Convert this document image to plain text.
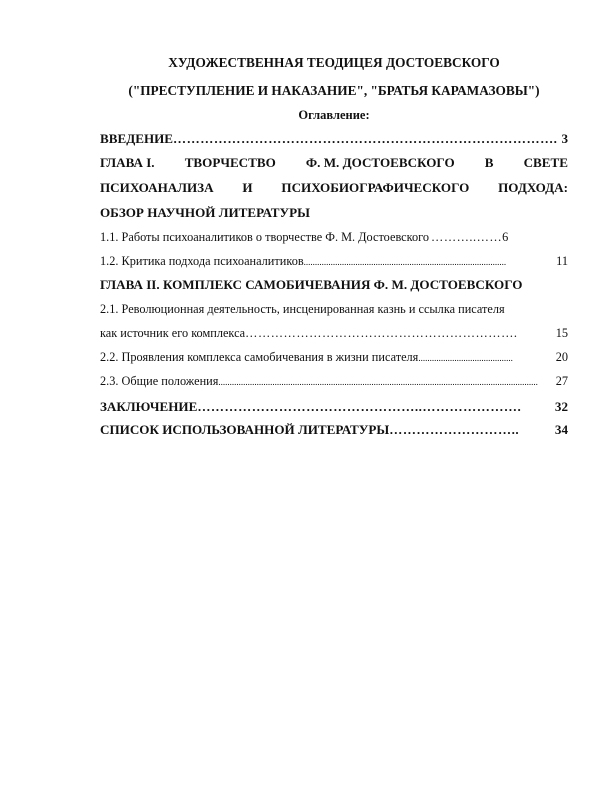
ХУДОЖЕСТВЕННАЯ ТЕОДИЦЕЯ ДОСТОЕВСКОГО
("ПРЕСТУПЛЕНИЕ И НАКАЗАНИЕ", "БРАТЬЯ КАРАМАЗОВЫ")
Оглавление:
ВВЕДЕНИЕ …………………………………………………………………………. 3
ГЛАВА I. ТВОРЧЕСТВО Ф. М. ДОСТОЕВСКОГО В СВЕТЕ
ПСИХОАНАЛИЗА И ПСИХОБИОГРАФИЧЕСКОГО ПОДХОДА:
ОБЗОР НАУЧНОЙ ЛИТЕРАТУРЫ
1.1. Работы психоаналитиков о творчестве Ф. М. Достоевского ………..…… 6
1.2. Критика подхода психоаналитиков ..........................................................................................	11
ГЛАВА II. КОМПЛЕКС САМОБИЧЕВАНИЯ Ф. М. ДОСТОЕВСКОГО
2.1. Революционная деятельность, инсценированная казнь и ссылка писателя
как источник его комплекса ……………………………………………………….	15
2.2. Проявления комплекса самобичевания в жизни писателя ..........................................	20
2.3. Общие положения ..............................................................................................................................................	27
ЗАКЛЮЧЕНИЕ …………………………………………..………………….	32
СПИСОК ИСПОЛЬЗОВАННОЙ ЛИТЕРАТУРЫ ………………………..	34
